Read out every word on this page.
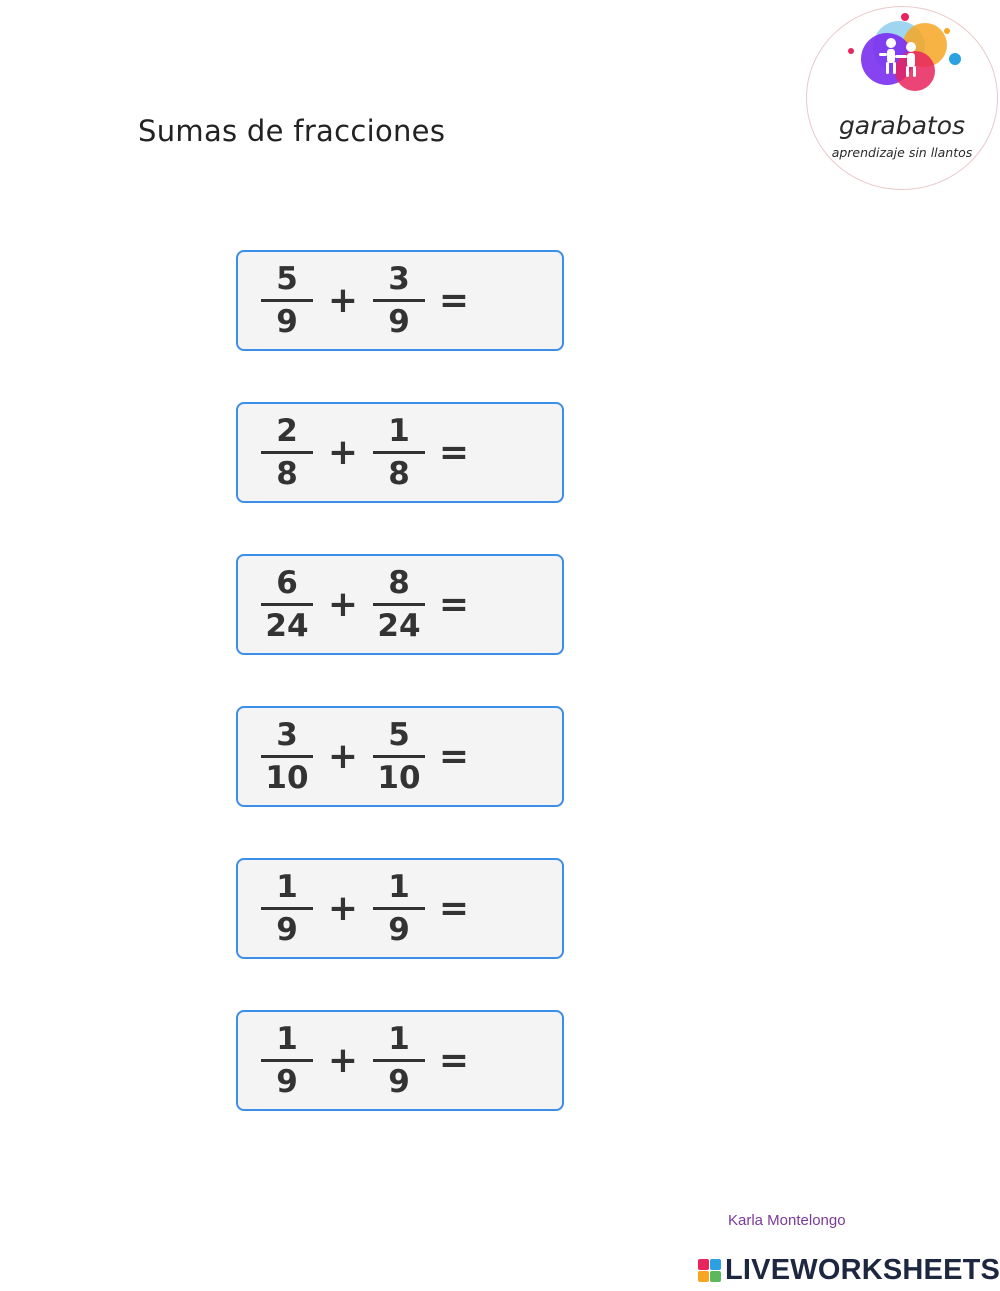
Sumas de fracciones	garabatos
aprendizaje sin llantos
$\frac{5}{9} + \frac{3}{9}$ =
$\frac{2}{8} + \frac{1}{8}$ =
$\frac{6}{24} + \frac{8}{24}$ =
$\frac{3}{10} + \frac{5}{10}$ =
$\frac{1}{9} + \frac{1}{9}$ =
$\frac{1}{9} + \frac{1}{9}$ =
Karla Montelongo
LIVEWORKSHEETS
